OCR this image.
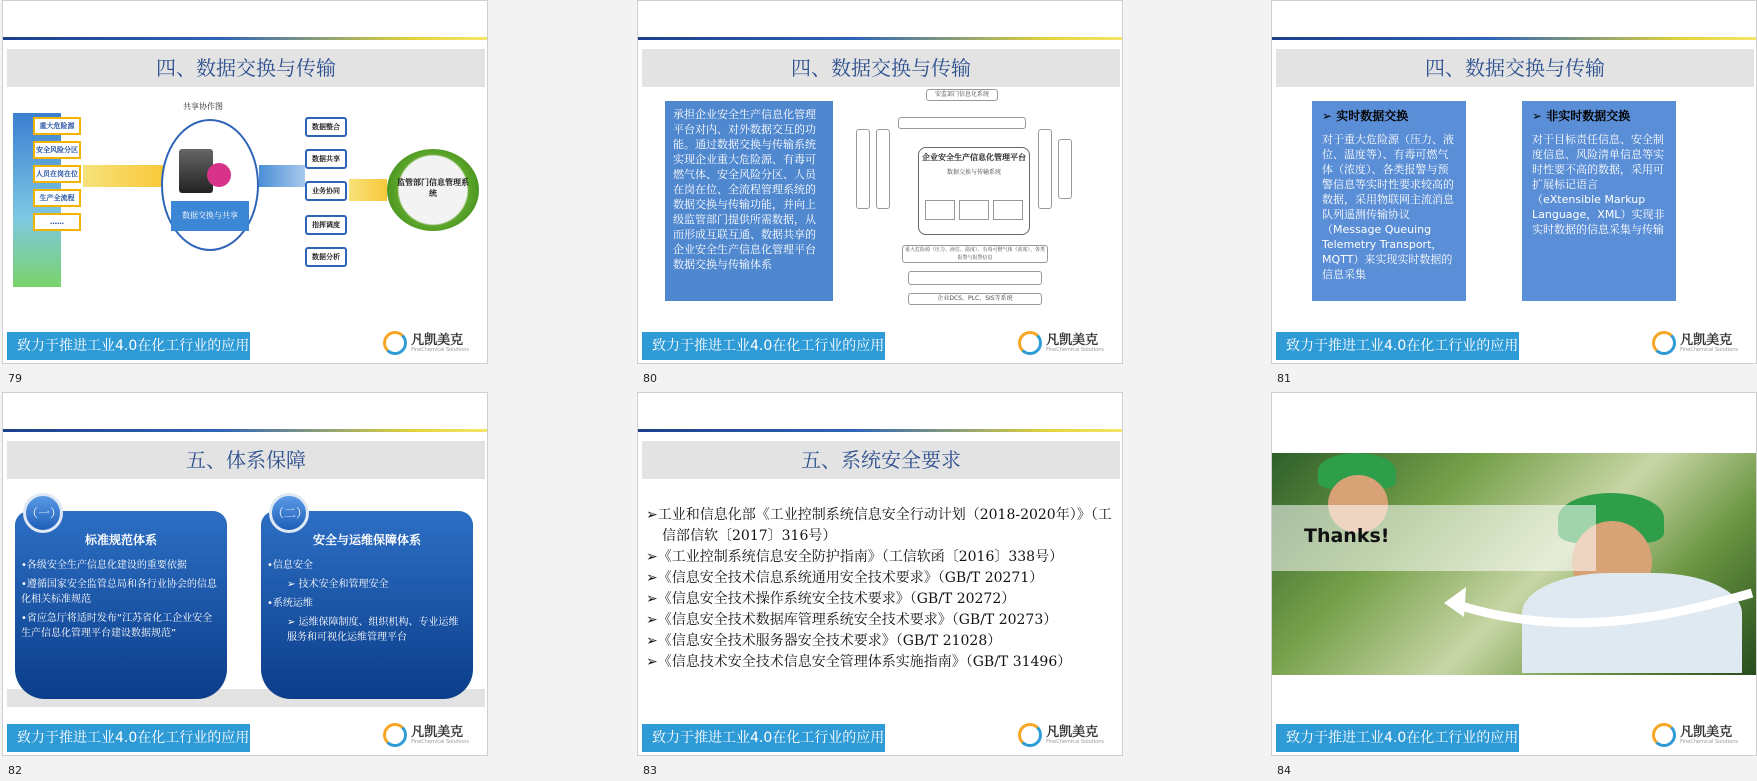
四、数据交换与传输
共享协作图
重大危险源
安全风险分区
人员在岗在位
生产全流程
……
数据交换与共享
数据整合
数据共享
业务协同
指挥调度
数据分析
监管部门信息管理系统
致力于推进工业4.0在化工行业的应用	凡凯美克
FineChemical Solutions
79
四、数据交换与传输
承担企业安全生产信息化管理平台对内、对外数据交互的功能。通过数据交换与传输系统实现企业重大危险源、有毒可燃气体、安全风险分区、人员在岗在位、全流程管理系统的数据交换与传输功能，并向上级监管部门提供所需数据，从而形成互联互通、数据共享的企业安全生产信息化管理平台数据交换与传输体系
安监部门信息化系统
企业安全生产信息化管理平台
数据交换与传输系统
重大危险源（压力、液位、温度）、有毒可燃气体（浓度）、各类报警与报警信息
企业DCS、PLC、SIS等系统
致力于推进工业4.0在化工行业的应用	凡凯美克
FineChemical Solutions
80
四、数据交换与传输
➢ 实时数据交换
对于重大危险源（压力、液位、温度等）、有毒可燃气体（浓度）、各类报警与预警信息等实时性要求较高的数据，采用物联网主流消息队列遥测传输协议（Message Queuing Telemetry Transport，MQTT）来实现实时数据的信息采集
➢ 非实时数据交换
对于目标责任信息、安全制度信息、风险清单信息等实时性要不高的数据，采用可扩展标记语言（eXtensible Markup Language，XML）实现非实时数据的信息采集与传输
致力于推进工业4.0在化工行业的应用	凡凯美克
FineChemical Solutions
81
五、体系保障
标准规范体系
•各级安全生产信息化建设的重要依据
•遵循国家安全监管总局和各行业协会的信息化相关标准规范
•省应急厅将适时发布“江苏省化工企业安全生产信息化管理平台建设数据规范”
（一）
安全与运维保障体系
•信息安全
➢ 技术安全和管理安全
•系统运维
➢ 运维保障制度、组织机构、专业运维服务和可视化运维管理平台
（二）
致力于推进工业4.0在化工行业的应用	凡凯美克
FineChemical Solutions
82
五、系统安全要求
➢工业和信息化部《工业控制系统信息安全行动计划（2018-2020年）》（工信部信软〔2017〕316号）
➢《工业控制系统信息安全防护指南》（工信软函〔2016〕338号）
➢《信息安全技术信息系统通用安全技术要求》（GB/T 20271）
➢《信息安全技术操作系统安全技术要求》（GB/T 20272）
➢《信息安全技术数据库管理系统安全技术要求》（GB/T 20273）
➢《信息安全技术服务器安全技术要求》（GB/T 21028）
➢《信息技术安全技术信息安全管理体系实施指南》（GB/T 31496）
致力于推进工业4.0在化工行业的应用	凡凯美克
FineChemical Solutions
83
Thanks!
致力于推进工业4.0在化工行业的应用	凡凯美克
FineChemical Solutions
84
